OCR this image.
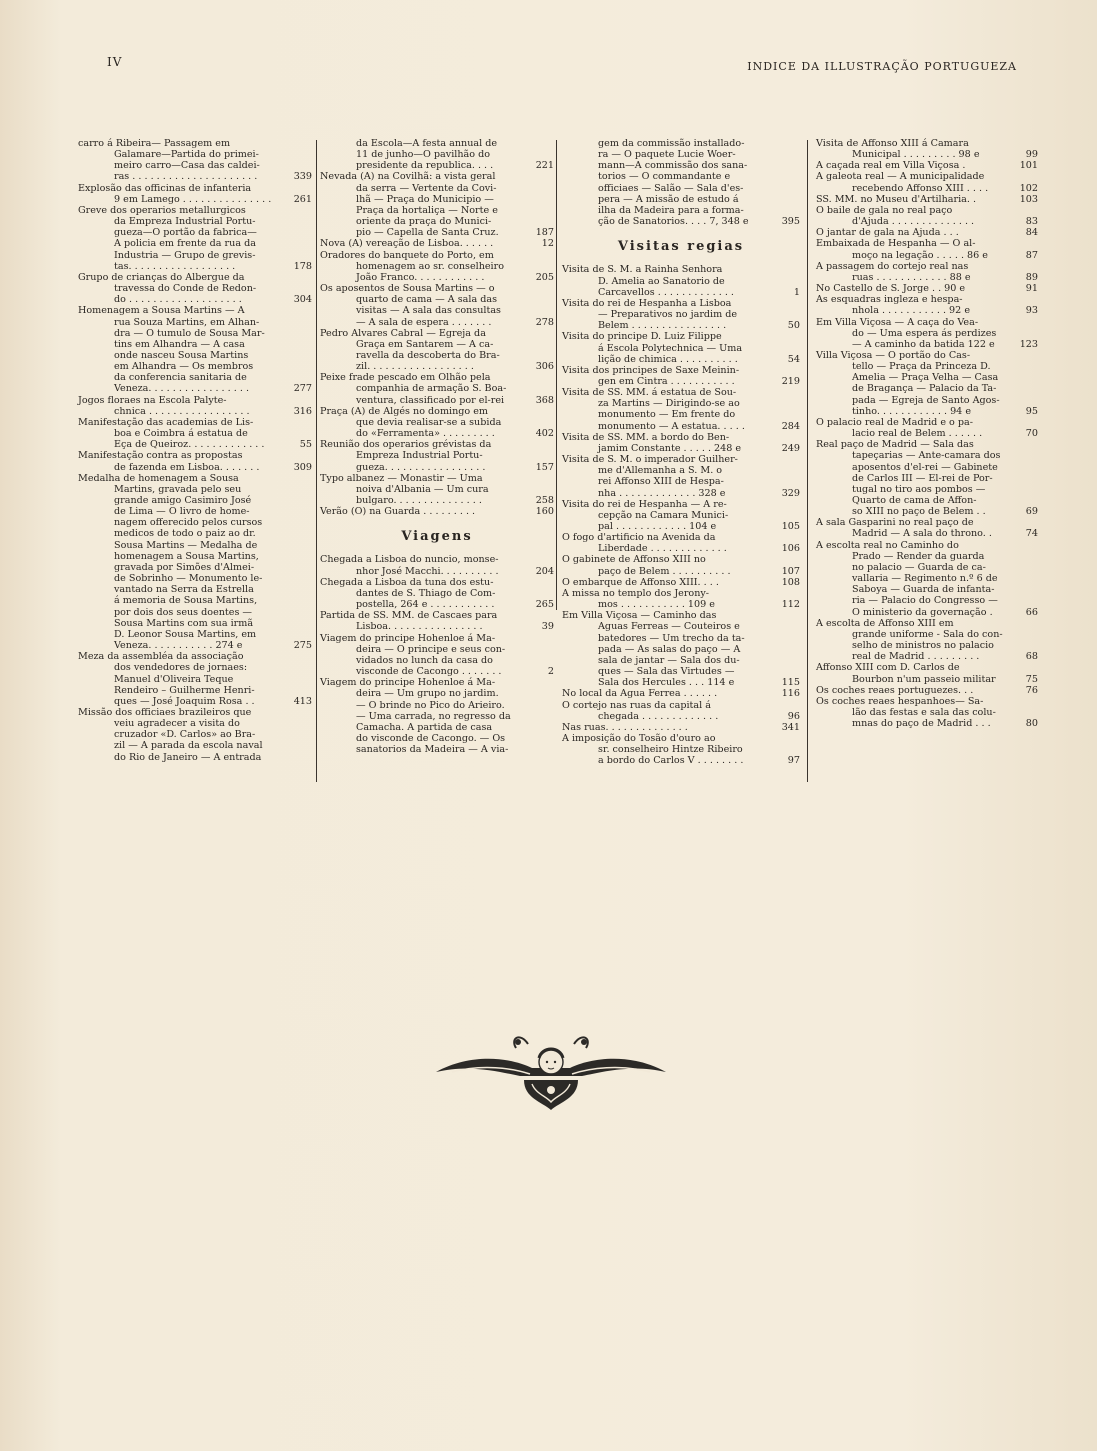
IV	INDICE DA ILLUSTRAÇÃO PORTUGUEZA
carro á Ribeira— Passagem em
Galamare—Partida do primei-
meiro carro—Casa das caldei-
ras . . . . . . . . . . . . . . . . . . . . .	339
Explosão das officinas de infanteria
9 em Lamego . . . . . . . . . . . . . . .	261
Greve dos operarios metallurgicos
da Empreza Industrial Portu-
gueza—O portão da fabrica—
A policia em frente da rua da
Industria — Grupo de grevis-
tas. . . . . . . . . . . . . . . . . .	178
Grupo de crianças do Albergue da
travessa do Conde de Redon-
do . . . . . . . . . . . . . . . . . . .	304
Homenagem a Sousa Martins — A
rua Souza Martins, em Alhan-
dra — O tumulo de Sousa Mar-
tins em Alhandra — A casa
onde nasceu Sousa Martins
em Alhandra — Os membros
da conferencia sanitaria de
Veneza. . . . . . . . . . . . . . . . .	277
Jogos floraes na Escola Palyte-
chnica . . . . . . . . . . . . . . . . .	316
Manifestação das academias de Lis-
boa e Coimbra á estatua de
Eça de Queiroz. . . . . . . . . . . . .	55
Manifestação contra as propostas
de fazenda em Lisboa. . . . . . .	309
Medalha de homenagem a Sousa
Martins, gravada pelo seu
grande amigo Casimiro José
de Lima — O livro de home-
nagem offerecido pelos cursos
medicos de todo o paiz ao dr.
Sousa Martins — Medalha de
homenagem a Sousa Martins,
gravada por Simões d'Almei-
de Sobrinho — Monumento le-
vantado na Serra da Estrella
á memoria de Sousa Martins,
por dois dos seus doentes —
Sousa Martins com sua irmã
D. Leonor Sousa Martins, em
Veneza. . . . . . . . . . . 274 e	275
Meza da assembléa da associação
dos vendedores de jornaes:
Manuel d'Oliveira Teque
Rendeiro – Guilherme Henri-
ques — José Joaquim Rosa . .	413
Missão dos officiaes brazileiros que
veiu agradecer a visita do
cruzador «D. Carlos» ao Bra-
zil — A parada da escola naval
do Rio de Janeiro — A entrada
da Escola—A festa annual de
11 de junho—O pavilhão do
presidente da republica. . . .	221
Nevada (A) na Covilhã: a vista geral
da serra — Vertente da Covi-
lhã — Praça do Municipio —
Praça da hortaliça — Norte e
oriente da praça do Munici-
pio — Capella de Santa Cruz.	187
Nova (A) vereação de Lisboa. . . . . .	12
Oradores do banquete do Porto, em
homenagem ao sr. conselheiro
João Franco. . . . . . . . . . . .	205
Os aposentos de Sousa Martins — o
quarto de cama — A sala das
visitas — A sala das consultas
— A sala de espera . . . . . . .	278
Pedro Alvares Cabral — Egreja da
Graça em Santarem — A ca-
ravella da descoberta do Bra-
zil. . . . . . . . . . . . . . . . . .	306
Peixe frade pescado em Olhão pela
companhia de armação S. Boa-
ventura, classificado por el-rei	368
Praça (A) de Algés no domingo em
que devia realisar-se a subida
do «Ferramenta» . . . . . . . . .	402
Reunião dos operarios grévistas da
Empreza Industrial Portu-
gueza. . . . . . . . . . . . . . . . .	157
Typo albanez — Monastir — Uma
noiva d'Albania — Um cura
bulgaro. . . . . . . . . . . . . . .	258
Verão (O) na Guarda . . . . . . . . .	160
Viagens
Chegada a Lisboa do nuncio, monse-
nhor José Macchi. . . . . . . . . .	204
Chegada a Lisboa da tuna dos estu-
dantes de S. Thiago de Com-
postella, 264 e . . . . . . . . . . .	265
Partida de SS. MM. de Cascaes para
Lisboa. . . . . . . . . . . . . . . .	39
Viagem do principe Hohenloe á Ma-
deira — O principe e seus con-
vidados no lunch da casa do
visconde de Cacongo . . . . . . .	2
Viagem do principe Hohenloe á Ma-
deira — Um grupo no jardim.
— O brinde no Pico do Arieiro.
— Uma carrada, no regresso da
Camacha. A partida de casa
do visconde de Cacongo. — Os
sanatorios da Madeira — A via-
gem da commissão installado-
ra — O paquete Lucie Woer-
mann—A commissão dos sana-
torios — O commandante e
officiaes — Salão — Sala d'es-
pera — A missão de estudo á
ilha da Madeira para a forma-
ção de Sanatorios. . . . 7, 348 e	395
Visitas regias
Visita de S. M. a Rainha Senhora
D. Amelia ao Sanatorio de
Carcavellos . . . . . . . . . . . . .	1
Visita do rei de Hespanha a Lisboa
— Preparativos no jardim de
Belem . . . . . . . . . . . . . . . .	50
Visita do principe D. Luiz Filippe
á Escola Polytechnica — Uma
lição de chimica . . . . . . . . . .	54
Visita dos principes de Saxe Meinin-
gen em Cintra . . . . . . . . . . .	219
Visita de SS. MM. á estatua de Sou-
za Martins — Dirigindo-se ao
monumento — Em frente do
monumento — A estatua. . . . .	284
Visita de SS. MM. a bordo do Ben-
jamim Constante . . . . . 248 e	249
Visita de S. M. o imperador Guilher-
me d'Allemanha a S. M. o
rei Affonso XIII de Hespa-
nha . . . . . . . . . . . . . 328 e	329
Visita do rei de Hespanha — A re-
cepção na Camara Munici-
pal . . . . . . . . . . . . 104 e	105
O fogo d'artificio na Avenida da
Liberdade . . . . . . . . . . . . .	106
O gabinete de Affonso XIII no
paço de Belem . . . . . . . . . .	107
O embarque de Affonso XIII. . . .	108
A missa no templo dos Jerony-
mos . . . . . . . . . . . 109 e	112
Em Villa Viçosa — Caminho das
Aguas Ferreas — Couteiros e
batedores — Um trecho da ta-
pada — As salas do paço — A
sala de jantar — Sala dos du-
ques — Sala das Virtudes —
Sala dos Hercules . . . 114 e	115
No local da Agua Ferrea . . . . . .	116
O cortejo nas ruas da capital á
chegada . . . . . . . . . . . . .	96
Nas ruas. . . . . . . . . . . . . .	341
A imposição do Tosão d'ouro ao
sr. conselheiro Hintze Ribeiro
a bordo do Carlos V . . . . . . . .	97
Visita de Affonso XIII á Camara
Municipal . . . . . . . . . 98 e	99
A caçada real em Villa Viçosa .	101
A galeota real — A municipalidade
recebendo Affonso XIII . . . .	102
SS. MM. no Museu d'Artilharia. .	103
O baile de gala no real paço
d'Ajuda . . . . . . . . . . . . . .	83
O jantar de gala na Ajuda . . .	84
Embaixada de Hespanha — O al-
moço na legação . . . . . 86 e	87
A passagem do cortejo real nas
ruas . . . . . . . . . . . . 88 e	89
No Castello de S. Jorge . . 90 e	91
As esquadras ingleza e hespa-
nhola . . . . . . . . . . . 92 e	93
Em Villa Viçosa — A caça do Vea-
do — Uma espera ás perdizes
— A caminho da batida 122 e	123
Villa Viçosa — O portão do Cas-
tello — Praça da Princeza D.
Amelia — Praça Velha — Casa
de Bragança — Palacio da Ta-
pada — Egreja de Santo Agos-
tinho. . . . . . . . . . . . 94 e	95
O palacio real de Madrid e o pa-
lacio real de Belem . . . . . .	70
Real paço de Madrid — Sala das
tapeçarias — Ante-camara dos
aposentos d'el-rei — Gabinete
de Carlos III — El-rei de Por-
tugal no tiro aos pombos —
Quarto de cama de Affon-
so XIII no paço de Belem . .	69
A sala Gasparini no real paço de
Madrid — A sala do throno. .	74
A escolta real no Caminho do
Prado — Render da guarda
no palacio — Guarda de ca-
vallaria — Regimento n.º 6 de
Saboya — Guarda de infanta-
ria — Palacio do Congresso —
O ministerio da governação .	66
A escolta de Affonso XIII em
grande uniforme - Sala do con-
selho de ministros no palacio
real de Madrid . . . . . . . . .	68
Affonso XIII com D. Carlos de
Bourbon n'um passeio militar	75
Os coches reaes portuguezes. . .	76
Os coches reaes hespanhoes— Sa-
lão das festas e sala das colu-
mnas do paço de Madrid . . .	80
